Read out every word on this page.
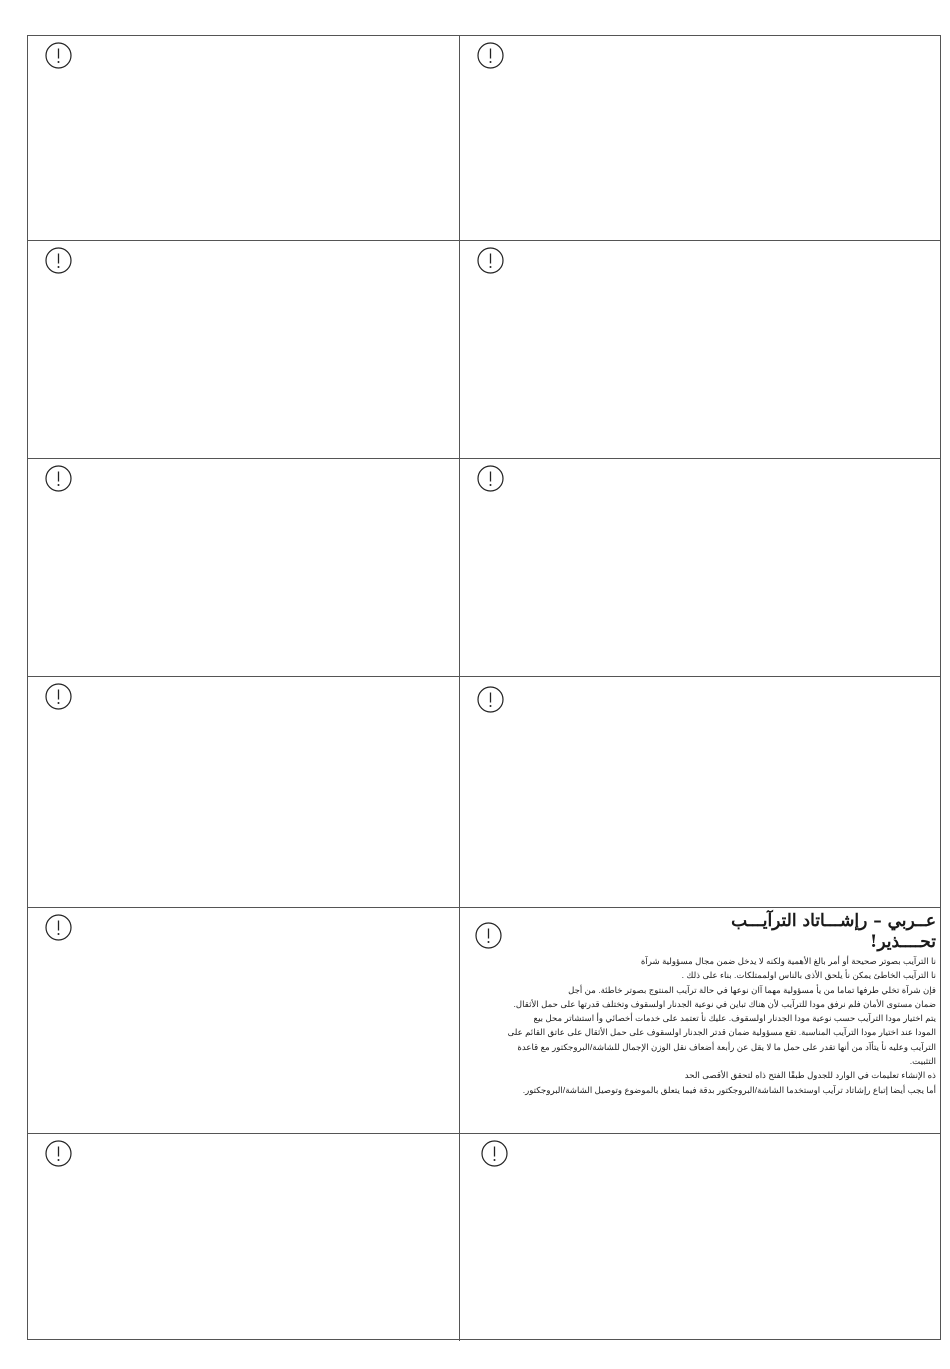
عــربي – رإشـــاتاد الترآيـــب
تحــــذير!

نا الترآيب بصوتر صحيحة أو أمر بالغ الأهمية ولكنه لا يدخل ضمن مجال مسؤولية شرآة

نا الترآيب الخاطئ يمكن نأ يلحق الأذى بالناس اولممتلكات. بناء على ذلك .

فإن شرآة تخلي طرفها تماما من يأ مسؤولية مهما آان نوعها في حالة ترآيب المنتوج بصوتر خاطئة. من أجل

ضمان مستوى الأمان فلم نرفق مودا للترآيب لأن هناك تباين في نوعية الجدنار اولسقوف وتختلف قدرتها على حمل الأثقال.

يتم اختيار مودا الترآيب حسب نوعية مودا الجدنار اولسقوف. عليك نأ تعتمد على خدمات أخصائي وأ استشاتر محل بيع

المودا عند اختيار مودا الترآيب المناسبة. تقع مسؤولية ضمان قدتر الجدنار اولسقوف على حمل الأثقال على عاتق القائم على

الترآيب وعليه نأ يتأآد من أنها تقدر على حمل ما لا يقل عن رأبعة أضعاف نقل الوزن الإجمال للشاشة/البروجكتور مع قاعدة

التثبيت.

ذه الإنشاء تعليمات في الوارد للجدول طبقًا الفتح ذاه لتحقق الأقصى الحد

أما يجب أيضا إتباع رإشاتاد ترآيب اوستخدما الشاشة/البروجكتور بدقة فيما يتعلق بالموضوع وتوصيل الشاشة/البروجكتور.
